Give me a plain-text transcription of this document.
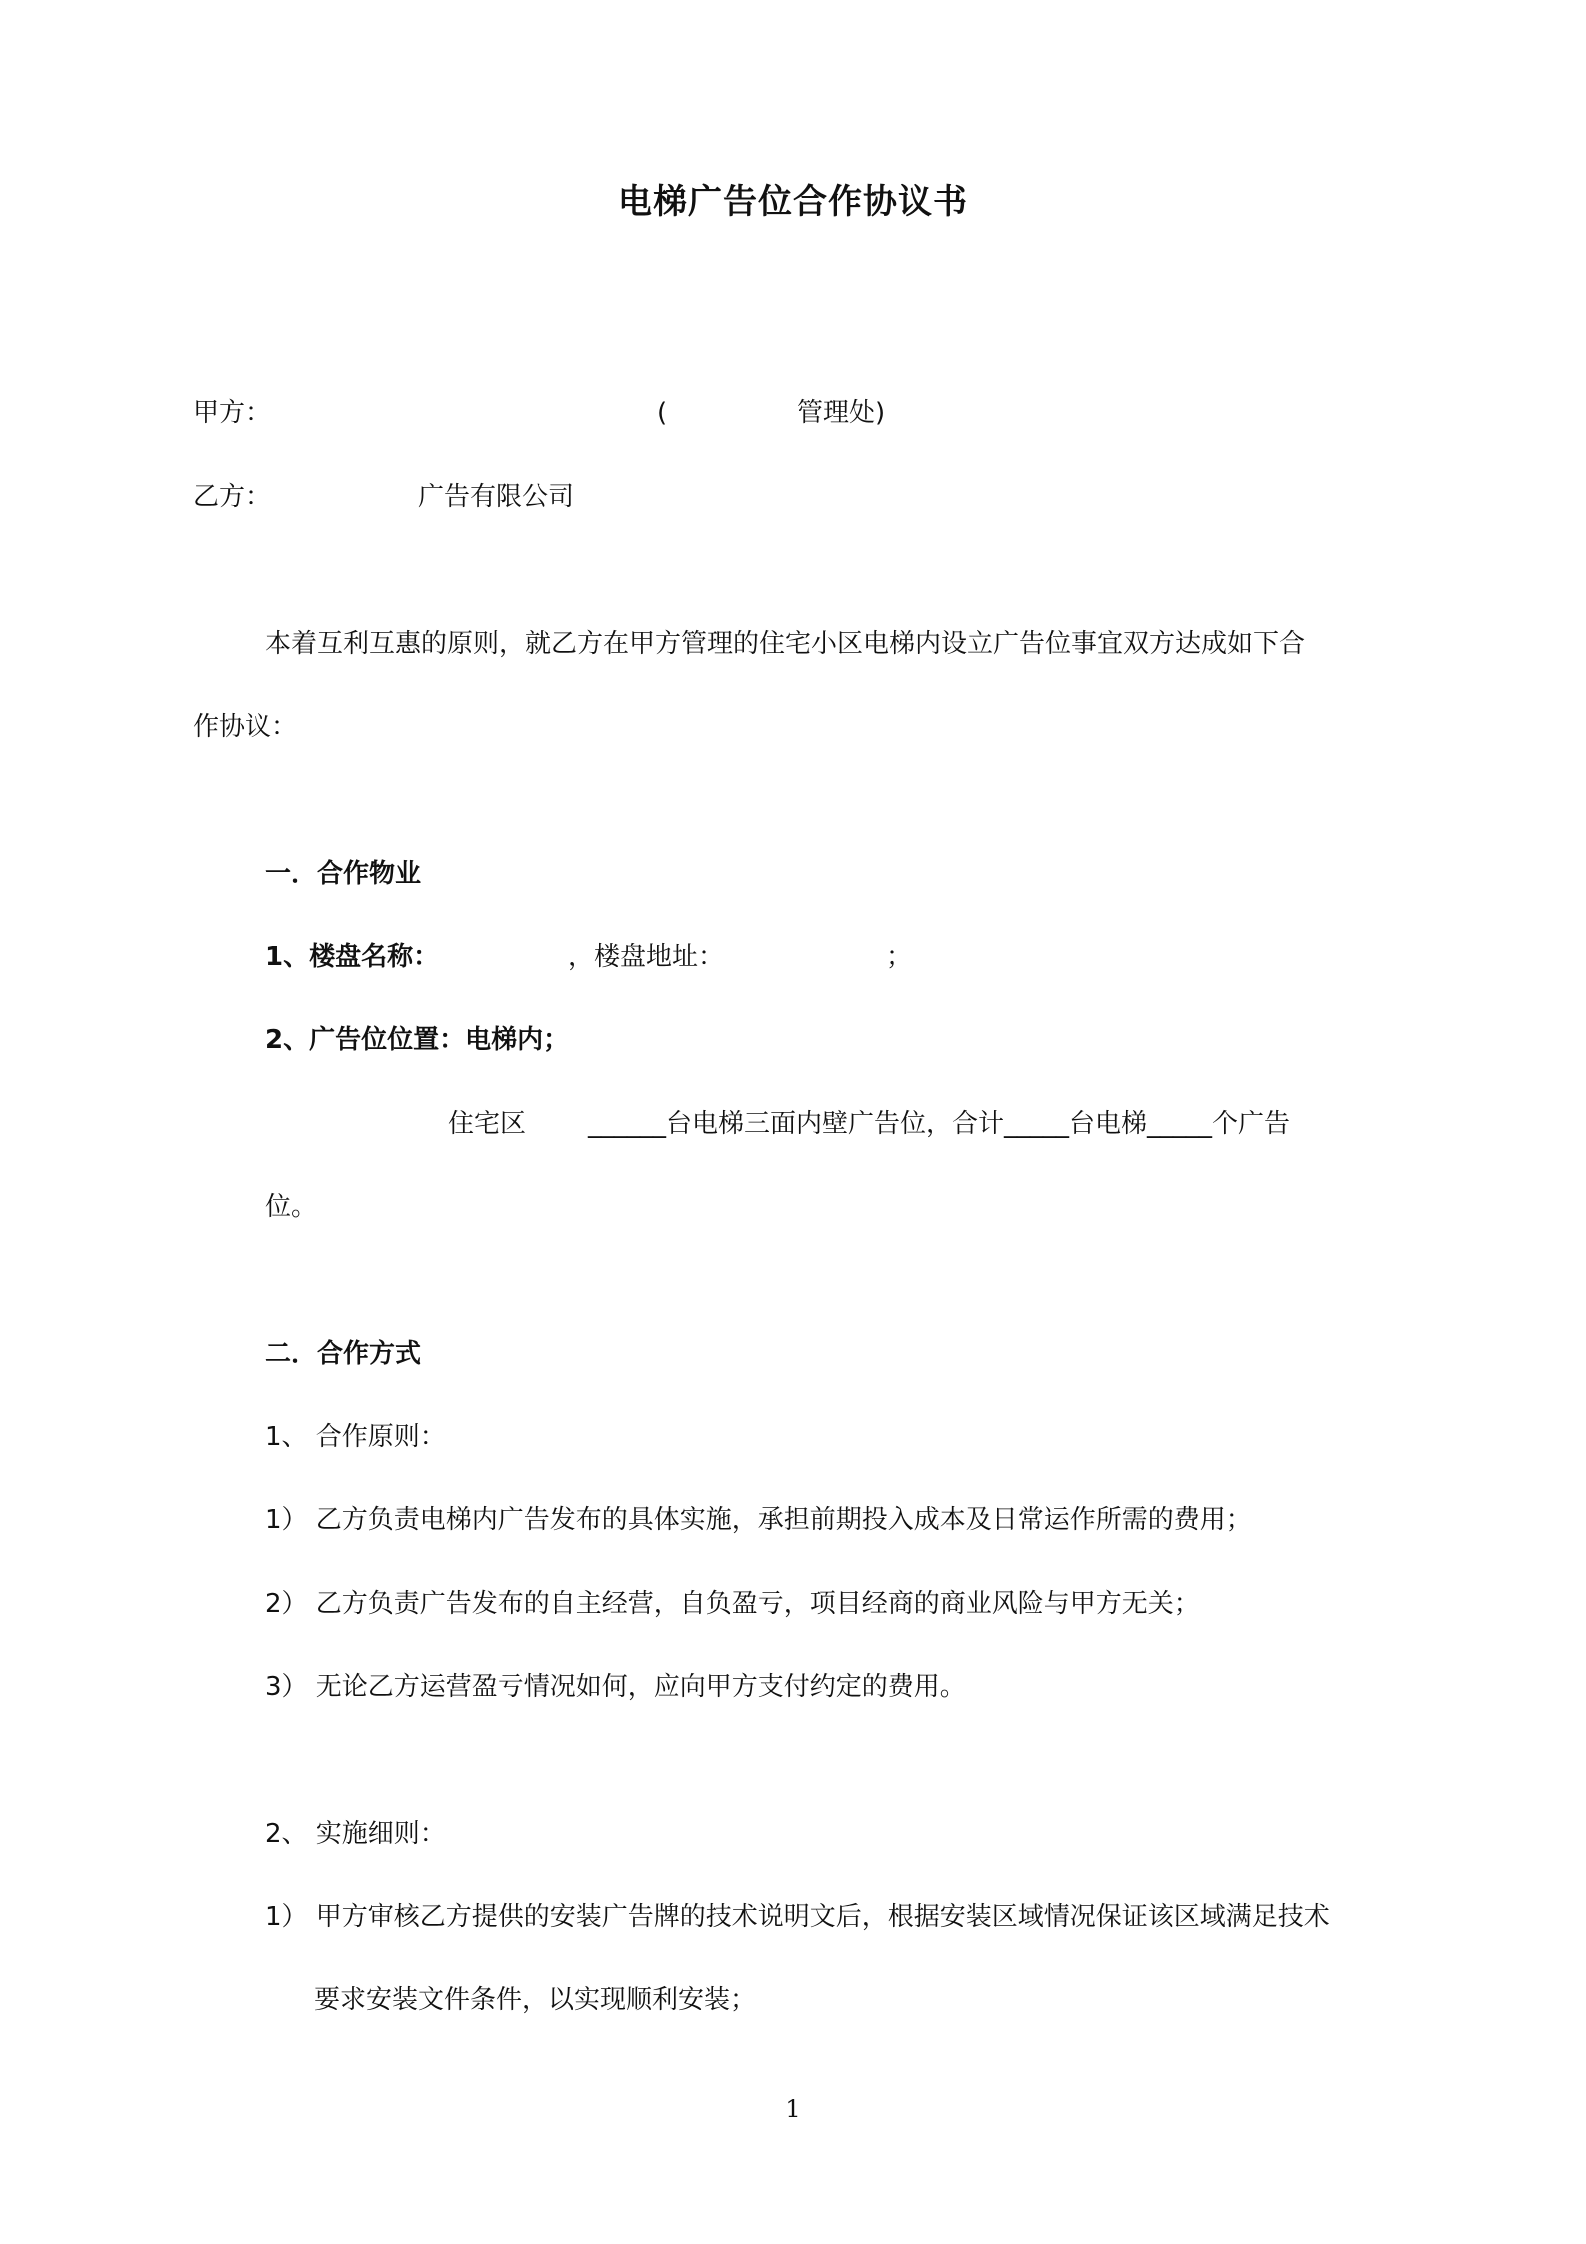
电梯广告位合作协议书

甲方：	(	管理处)

乙方：	广告有限公司

本着互利互惠的原则，就乙方在甲方管理的住宅小区电梯内设立广告位事宜双方达成如下合

作协议：

一．合作物业

1、楼盘名称：	，楼盘地址：	；

2、广告位位置：电梯内；

住宅区 ______台电梯三面内壁广告位，合计_____台电梯_____个广告

位。

二．合作方式

1、 合作原则：

1） 乙方负责电梯内广告发布的具体实施，承担前期投入成本及日常运作所需的费用；

2） 乙方负责广告发布的自主经营，自负盈亏，项目经商的商业风险与甲方无关；

3） 无论乙方运营盈亏情况如何，应向甲方支付约定的费用。

2、 实施细则：

1） 甲方审核乙方提供的安装广告牌的技术说明文后，根据安装区域情况保证该区域满足技术

要求安装文件条件，以实现顺利安装；

1
